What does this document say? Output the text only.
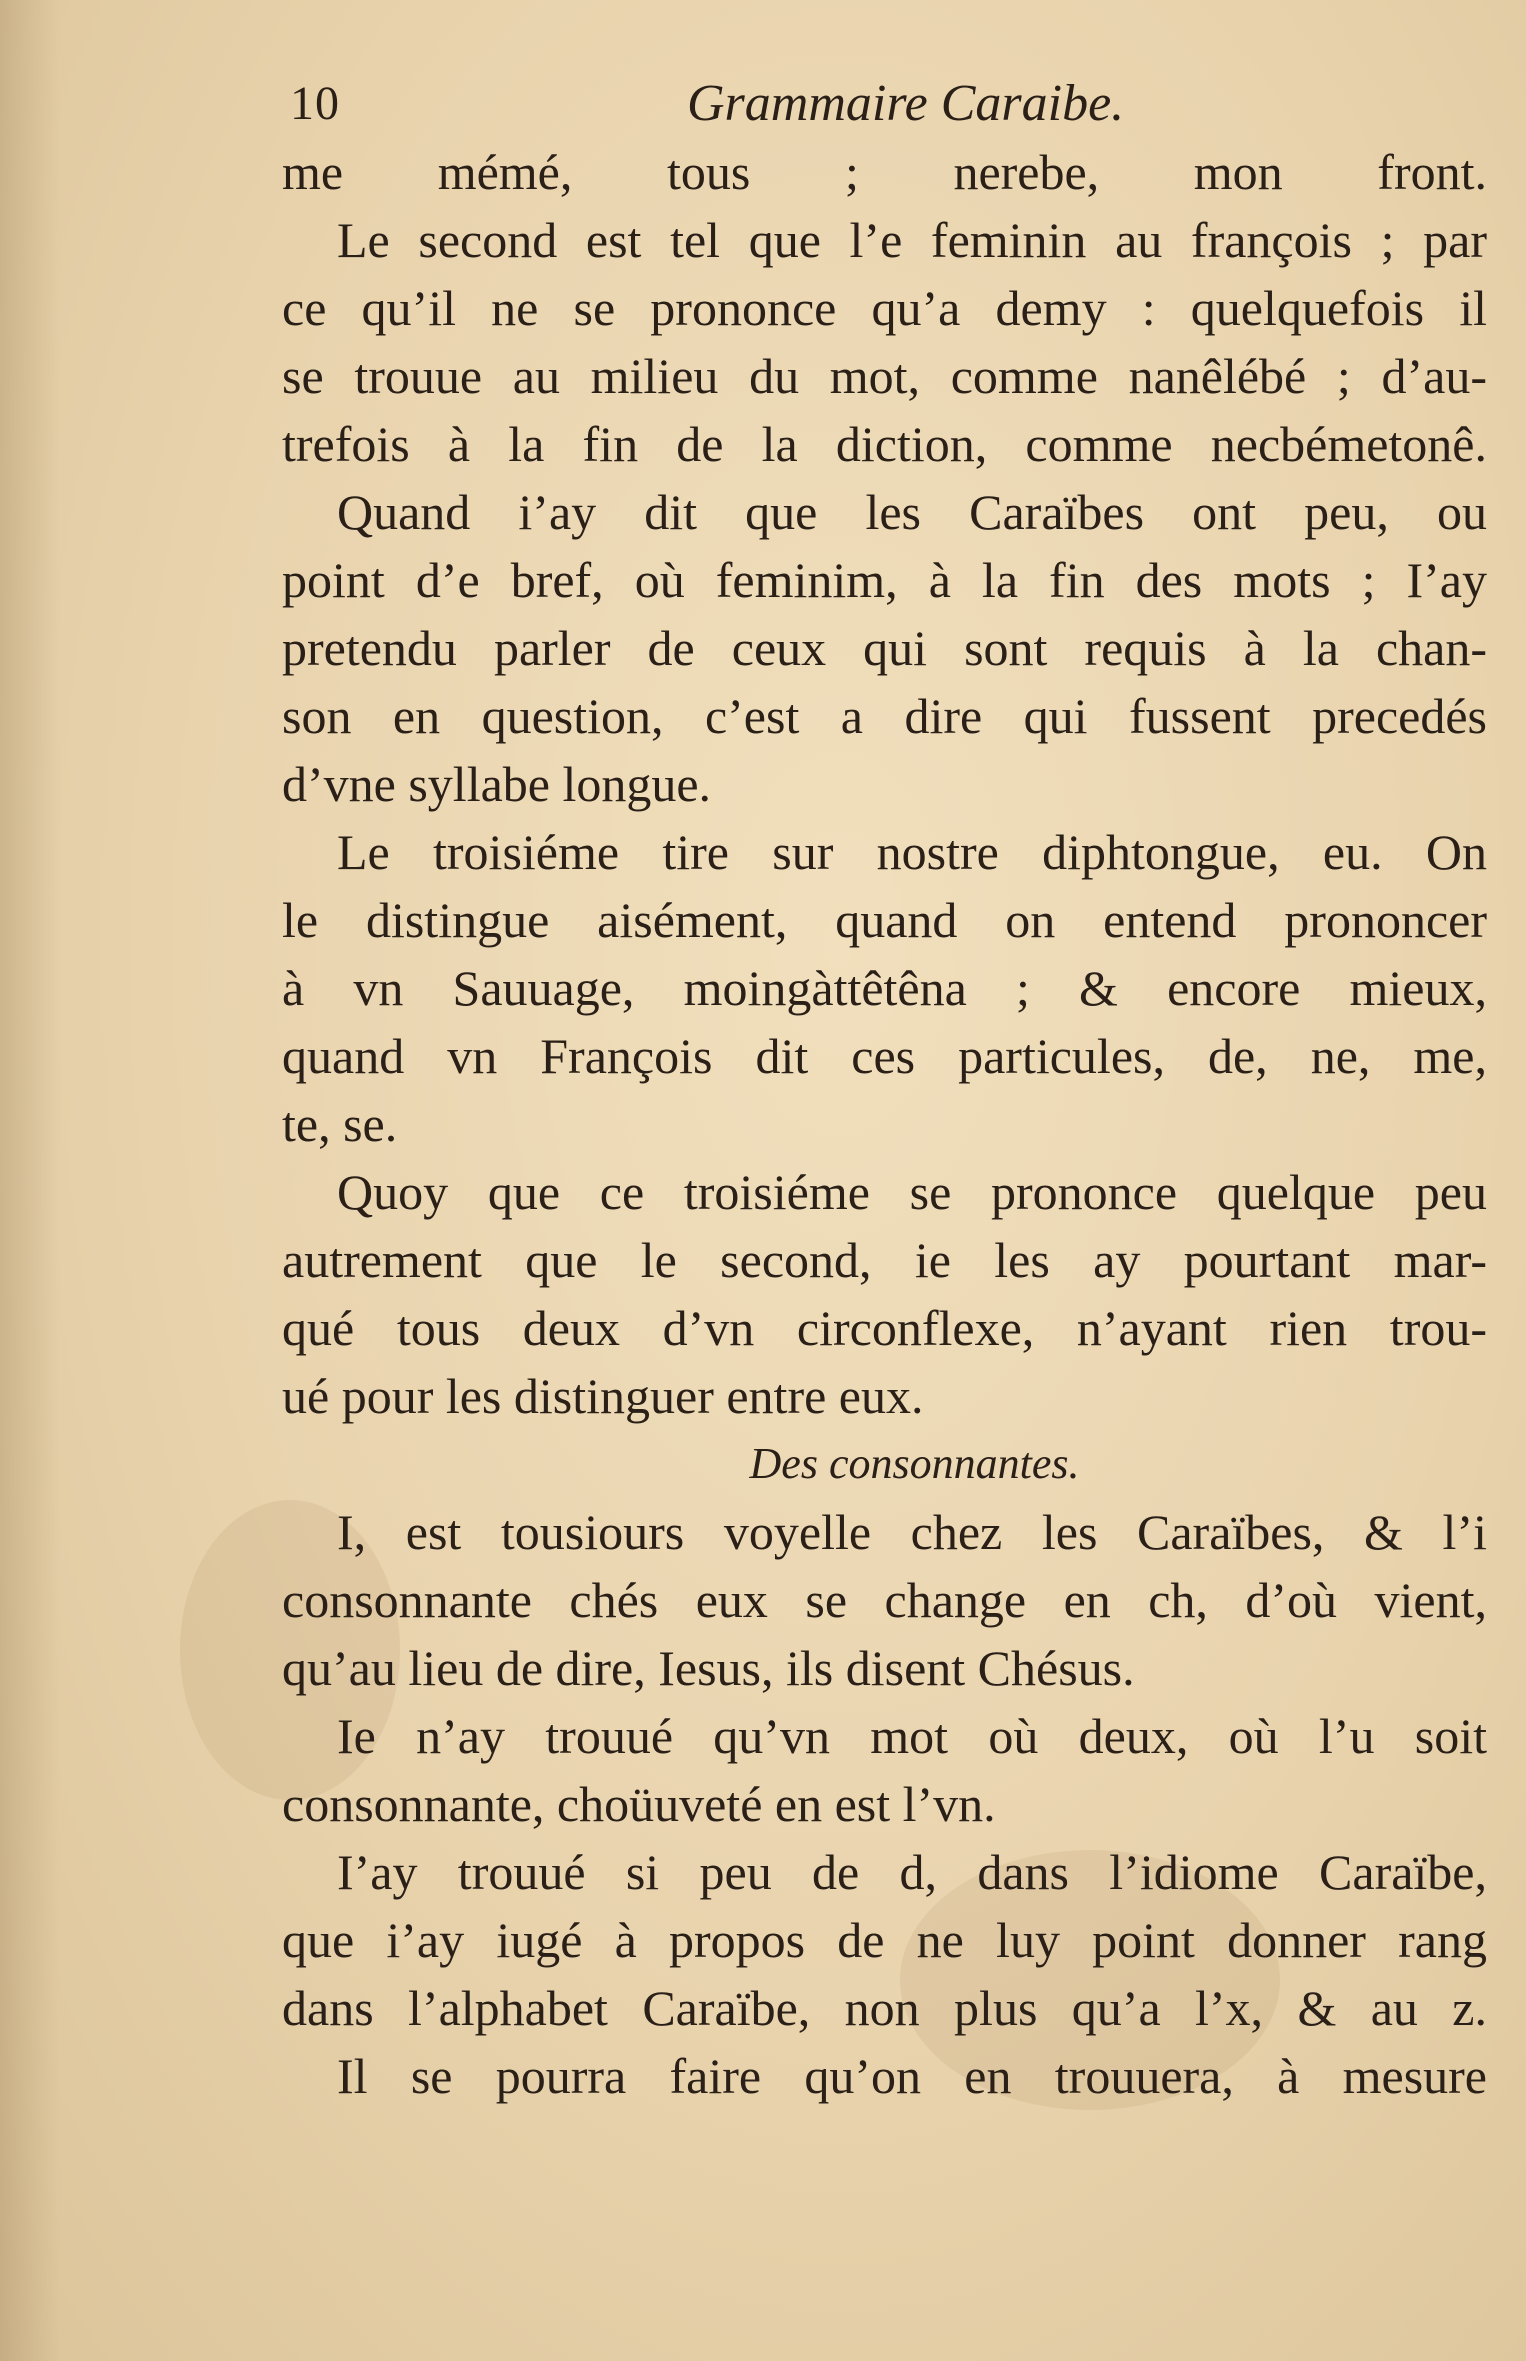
10	Grammaire Caraibe.
me mémé, tous ; nerebe, mon front.
Le second est tel que l’e feminin au françois ; par
ce qu’il ne se prononce qu’a demy : quelquefois il
se trouue au milieu du mot, comme nanêlébé ; d’au-
trefois à la fin de la diction, comme necbémetonê.
Quand i’ay dit que les Caraïbes ont peu, ou
point d’e bref, où feminim, à la fin des mots ; I’ay
pretendu parler de ceux qui sont requis à la chan-
son en question, c’est a dire qui fussent precedés
d’vne syllabe longue.
Le troisiéme tire sur nostre diphtongue, eu. On
le distingue aisément, quand on entend prononcer
à vn Sauuage, moingàttêtêna ; & encore mieux,
quand vn François dit ces particules, de, ne, me,
te, se.
Quoy que ce troisiéme se prononce quelque peu
autrement que le second, ie les ay pourtant mar-
qué tous deux d’vn circonflexe, n’ayant rien trou-
ué pour les distinguer entre eux.
Des consonnantes.
I, est tousiours voyelle chez les Caraïbes, & l’i
consonnante chés eux se change en ch, d’où vient,
qu’au lieu de dire, Iesus, ils disent Chésus.
Ie n’ay trouué qu’vn mot où deux, où l’u soit
consonnante, choüuveté en est l’vn.
I’ay trouué si peu de d, dans l’idiome Caraïbe,
que i’ay iugé à propos de ne luy point donner rang
dans l’alphabet Caraïbe, non plus qu’a l’x, & au z.
Il se pourra faire qu’on en trouuera, à mesure
